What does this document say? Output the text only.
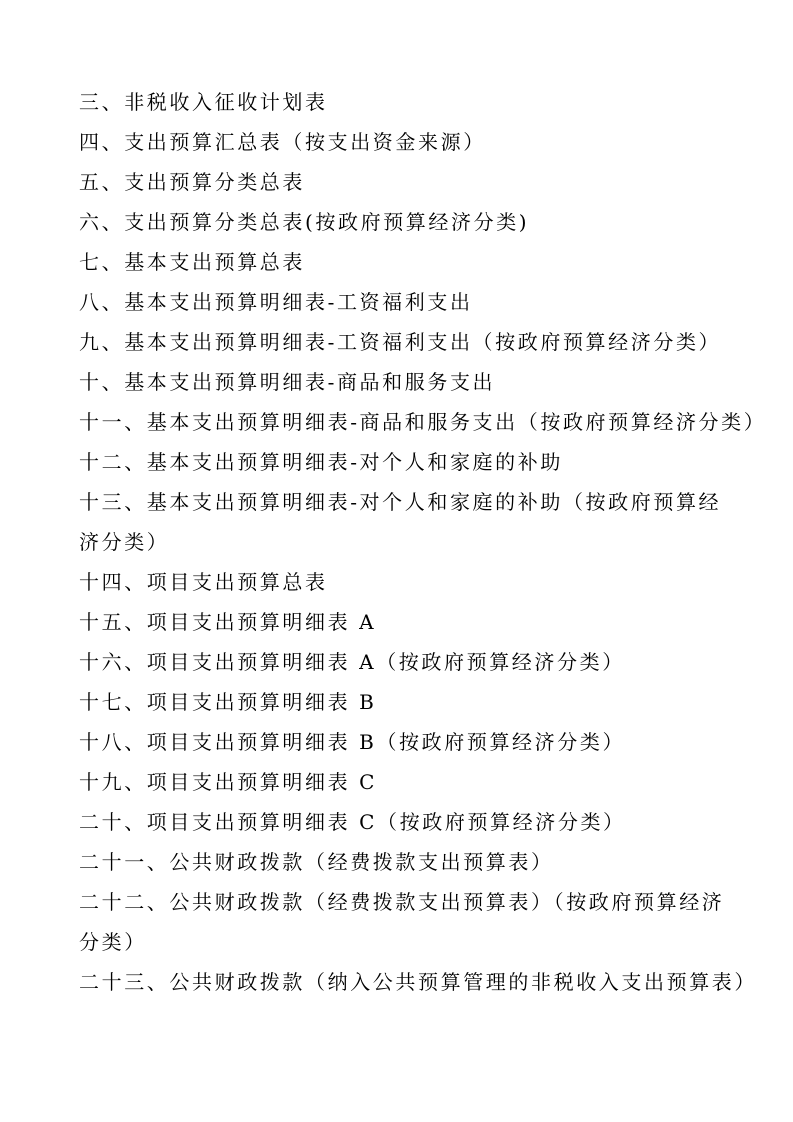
三、非税收入征收计划表
四、支出预算汇总表（按支出资金来源）
五、支出预算分类总表
六、支出预算分类总表(按政府预算经济分类)
七、基本支出预算总表
八、基本支出预算明细表-工资福利支出
九、基本支出预算明细表-工资福利支出（按政府预算经济分类）
十、基本支出预算明细表-商品和服务支出
十一、基本支出预算明细表-商品和服务支出（按政府预算经济分类）
十二、基本支出预算明细表-对个人和家庭的补助
十三、基本支出预算明细表-对个人和家庭的补助（按政府预算经济分类）
十四、项目支出预算总表
十五、项目支出预算明细表 A
十六、项目支出预算明细表 A（按政府预算经济分类）
十七、项目支出预算明细表 B
十八、项目支出预算明细表 B（按政府预算经济分类）
十九、项目支出预算明细表 C
二十、项目支出预算明细表 C（按政府预算经济分类）
二十一、公共财政拨款（经费拨款支出预算表）
二十二、公共财政拨款（经费拨款支出预算表）（按政府预算经济分类）
二十三、公共财政拨款（纳入公共预算管理的非税收入支出预算表）
